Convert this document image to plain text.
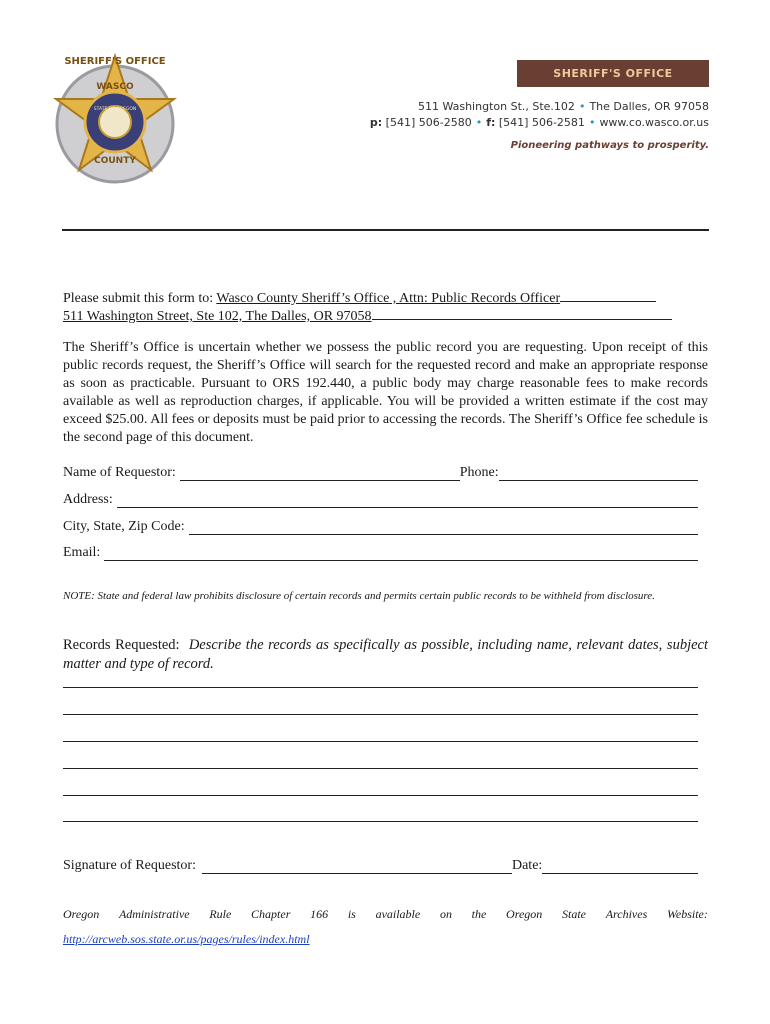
SHERIFF'S OFFICE
WASCO
STATE OF OREGON
COUNTY
SHERIFF'S OFFICE
511 Washington St., Ste.102 • The Dalles, OR 97058
p: [541] 506-2580 • f: [541] 506-2581 • www.co.wasco.or.us
Pioneering pathways to prosperity.
Please submit this form to: Wasco County Sheriff’s Office , Attn: Public Records Officer
511 Washington Street, Ste 102, The Dalles, OR 97058
The Sheriff’s Office is uncertain whether we possess the public record you are requesting. Upon receipt of this public records request, the Sheriff’s Office will search for the requested record and make an appropriate response as soon as practicable. Pursuant to ORS 192.440, a public body may charge reasonable fees to make records available as well as reproduction charges, if applicable. You will be provided a written estimate if the cost may exceed $25.00. All fees or deposits must be paid prior to accessing the records. The Sheriff’s Office fee schedule is the second page of this document.
Name of Requestor:	Phone:
Address:
City, State, Zip Code:
Email:
NOTE: State and federal law prohibits disclosure of certain records and permits certain public records to be withheld from disclosure.
Records Requested: Describe the records as specifically as possible, including name, relevant dates, subject matter and type of record.
Signature of Requestor:	Date:
Oregon Administrative Rule Chapter 166 is available on the Oregon State Archives Website:
http://arcweb.sos.state.or.us/pages/rules/index.html
